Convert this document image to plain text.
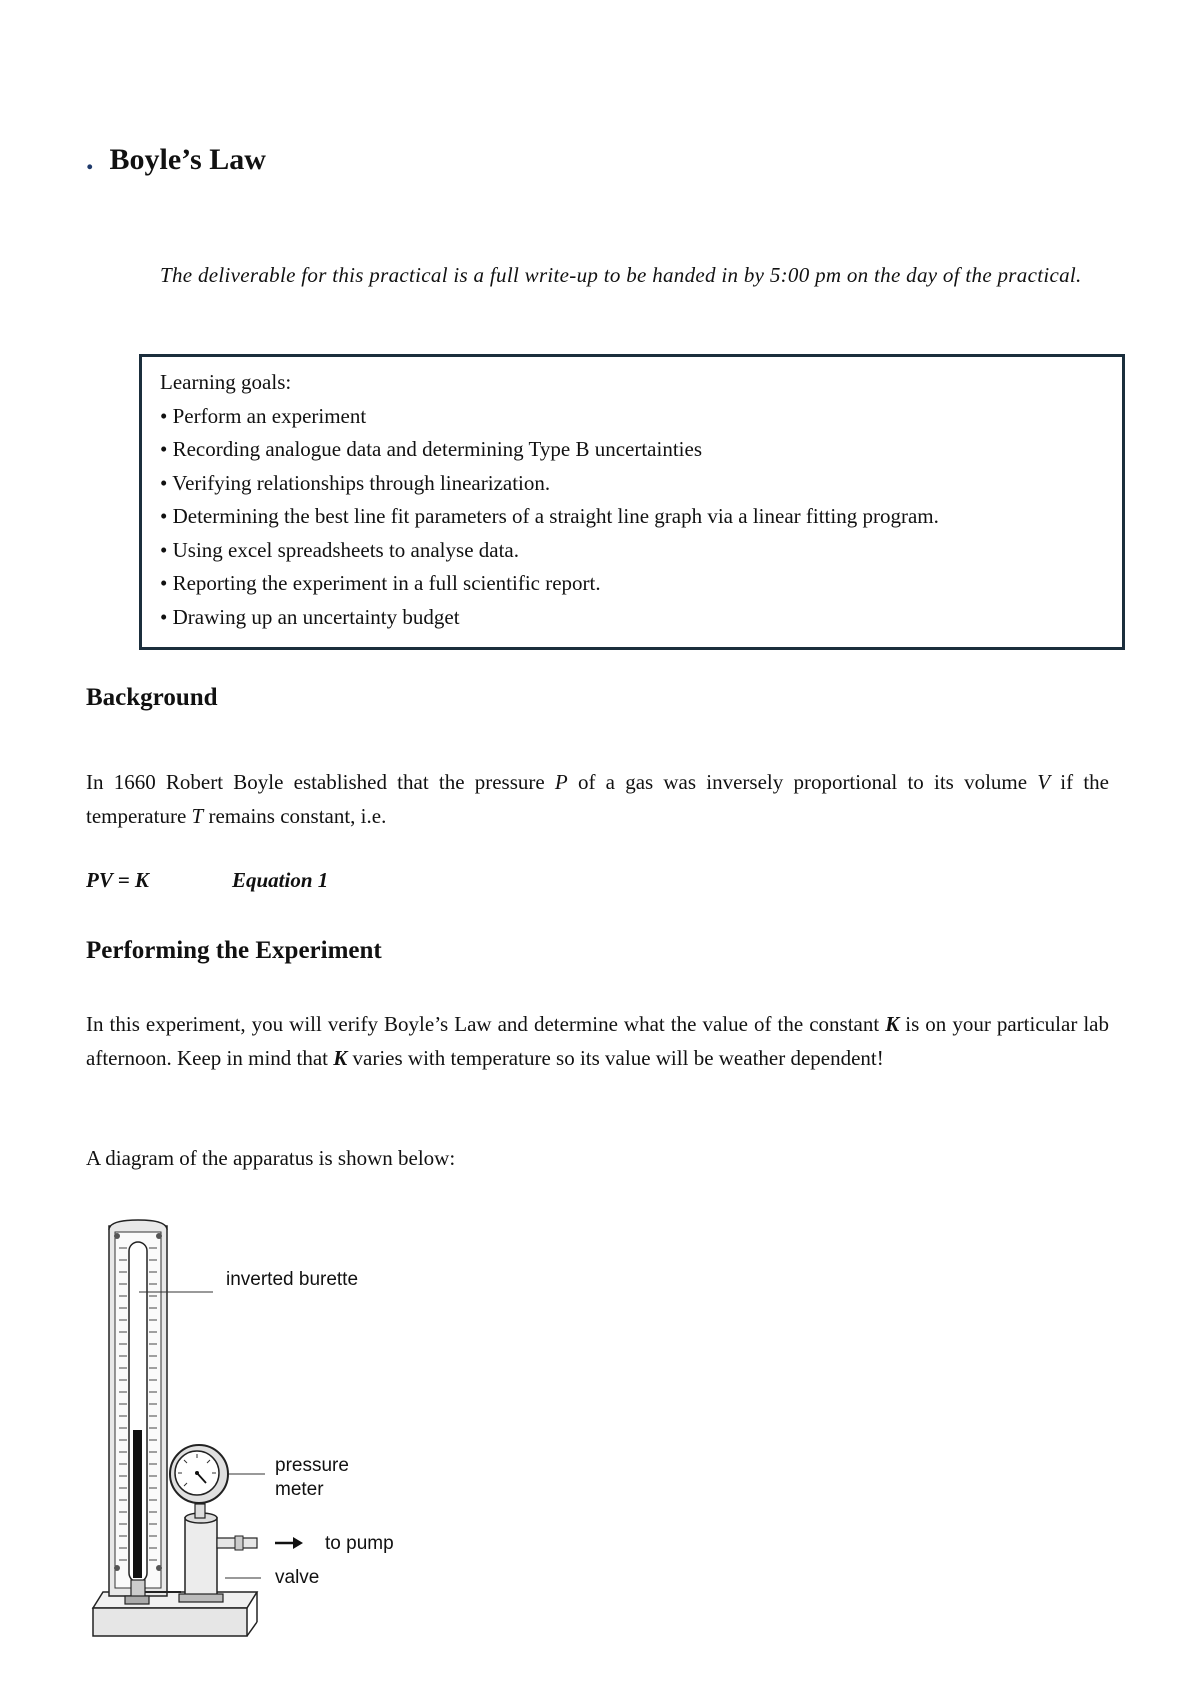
. Boyle’s Law
The deliverable for this practical is a full write-up to be handed in by 5:00 pm on the day of the practical.
Learning goals:
• Perform an experiment
• Recording analogue data and determining Type B uncertainties
• Verifying relationships through linearization.
• Determining the best line fit parameters of a straight line graph via a linear fitting program.
• Using excel spreadsheets to analyse data.
• Reporting the experiment in a full scientific report.
• Drawing up an uncertainty budget
Background
In 1660 Robert Boyle established that the pressure P of a gas was inversely proportional to its volume V if the temperature T remains constant, i.e.
PV = K	Equation 1
Performing the Experiment
In this experiment, you will verify Boyle’s Law and determine what the value of the constant K is on your particular lab afternoon. Keep in mind that K varies with temperature so its value will be weather dependent!
A diagram of the apparatus is shown below:
inverted burette
pressure
meter
to pump
valve
